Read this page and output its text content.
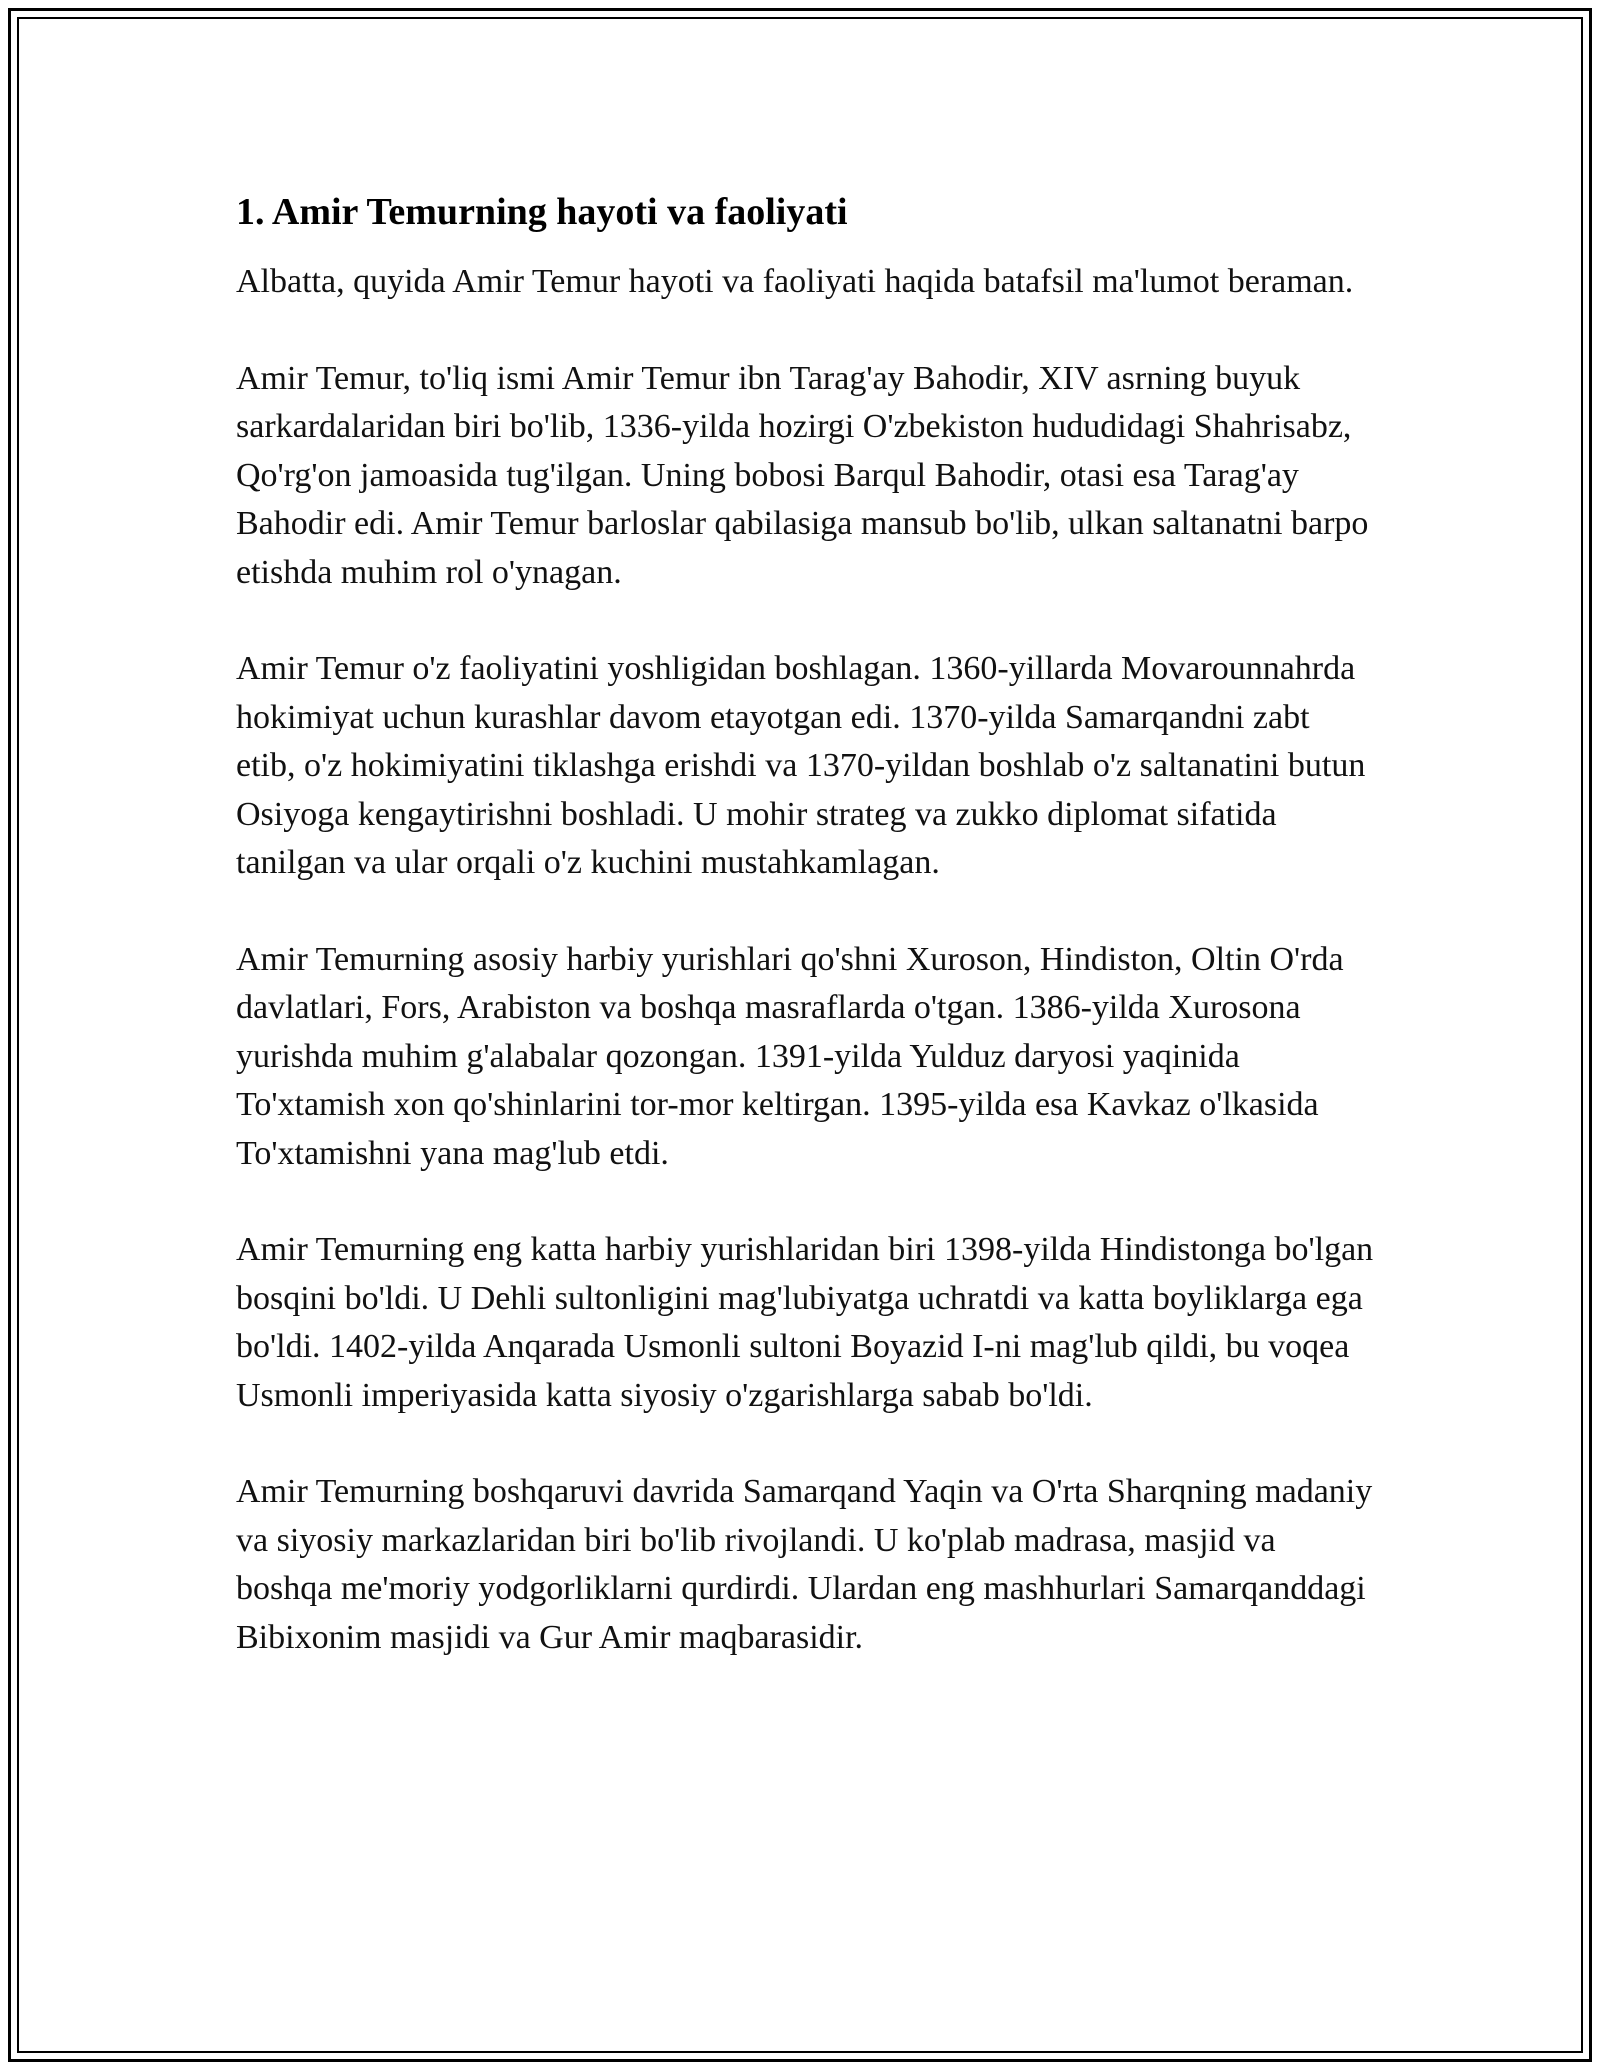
1. Amir Temurning hayoti va faoliyati

Albatta, quyida Amir Temur hayoti va faoliyati haqida batafsil ma'lumot beraman.

Amir Temur, to'liq ismi Amir Temur ibn Tarag'ay Bahodir, XIV asrning buyuk sarkardalaridan biri bo'lib, 1336-yilda hozirgi O'zbekiston hududidagi Shahrisabz, Qo'rg'on jamoasida tug'ilgan. Uning bobosi Barqul Bahodir, otasi esa Tarag'ay Bahodir edi. Amir Temur barloslar qabilasiga mansub bo'lib, ulkan saltanatni barpo etishda muhim rol o'ynagan.

Amir Temur o'z faoliyatini yoshligidan boshlagan. 1360-yillarda Movarounnahrda hokimiyat uchun kurashlar davom etayotgan edi. 1370-yilda Samarqandni zabt etib, o'z hokimiyatini tiklashga erishdi va 1370-yildan boshlab o'z saltanatini butun Osiyoga kengaytirishni boshladi. U mohir strateg va zukko diplomat sifatida tanilgan va ular orqali o'z kuchini mustahkamlagan.

Amir Temurning asosiy harbiy yurishlari qo'shni Xuroson, Hindiston, Oltin O'rda davlatlari, Fors, Arabiston va boshqa masraflarda o'tgan. 1386-yilda Xurosona yurishda muhim g'alabalar qozongan. 1391-yilda Yulduz daryosi yaqinida To'xtamish xon qo'shinlarini tor-mor keltirgan. 1395-yilda esa Kavkaz o'lkasida To'xtamishni yana mag'lub etdi.

Amir Temurning eng katta harbiy yurishlaridan biri 1398-yilda Hindistonga bo'lgan bosqini bo'ldi. U Dehli sultonligini mag'lubiyatga uchratdi va katta boyliklarga ega bo'ldi. 1402-yilda Anqarada Usmonli sultoni Boyazid I-ni mag'lub qildi, bu voqea Usmonli imperiyasida katta siyosiy o'zgarishlarga sabab bo'ldi.

Amir Temurning boshqaruvi davrida Samarqand Yaqin va O'rta Sharqning madaniy va siyosiy markazlaridan biri bo'lib rivojlandi. U ko'plab madrasa, masjid va boshqa me'moriy yodgorliklarni qurdirdi. Ulardan eng mashhurlari Samarqanddagi Bibixonim masjidi va Gur Amir maqbarasidir.
